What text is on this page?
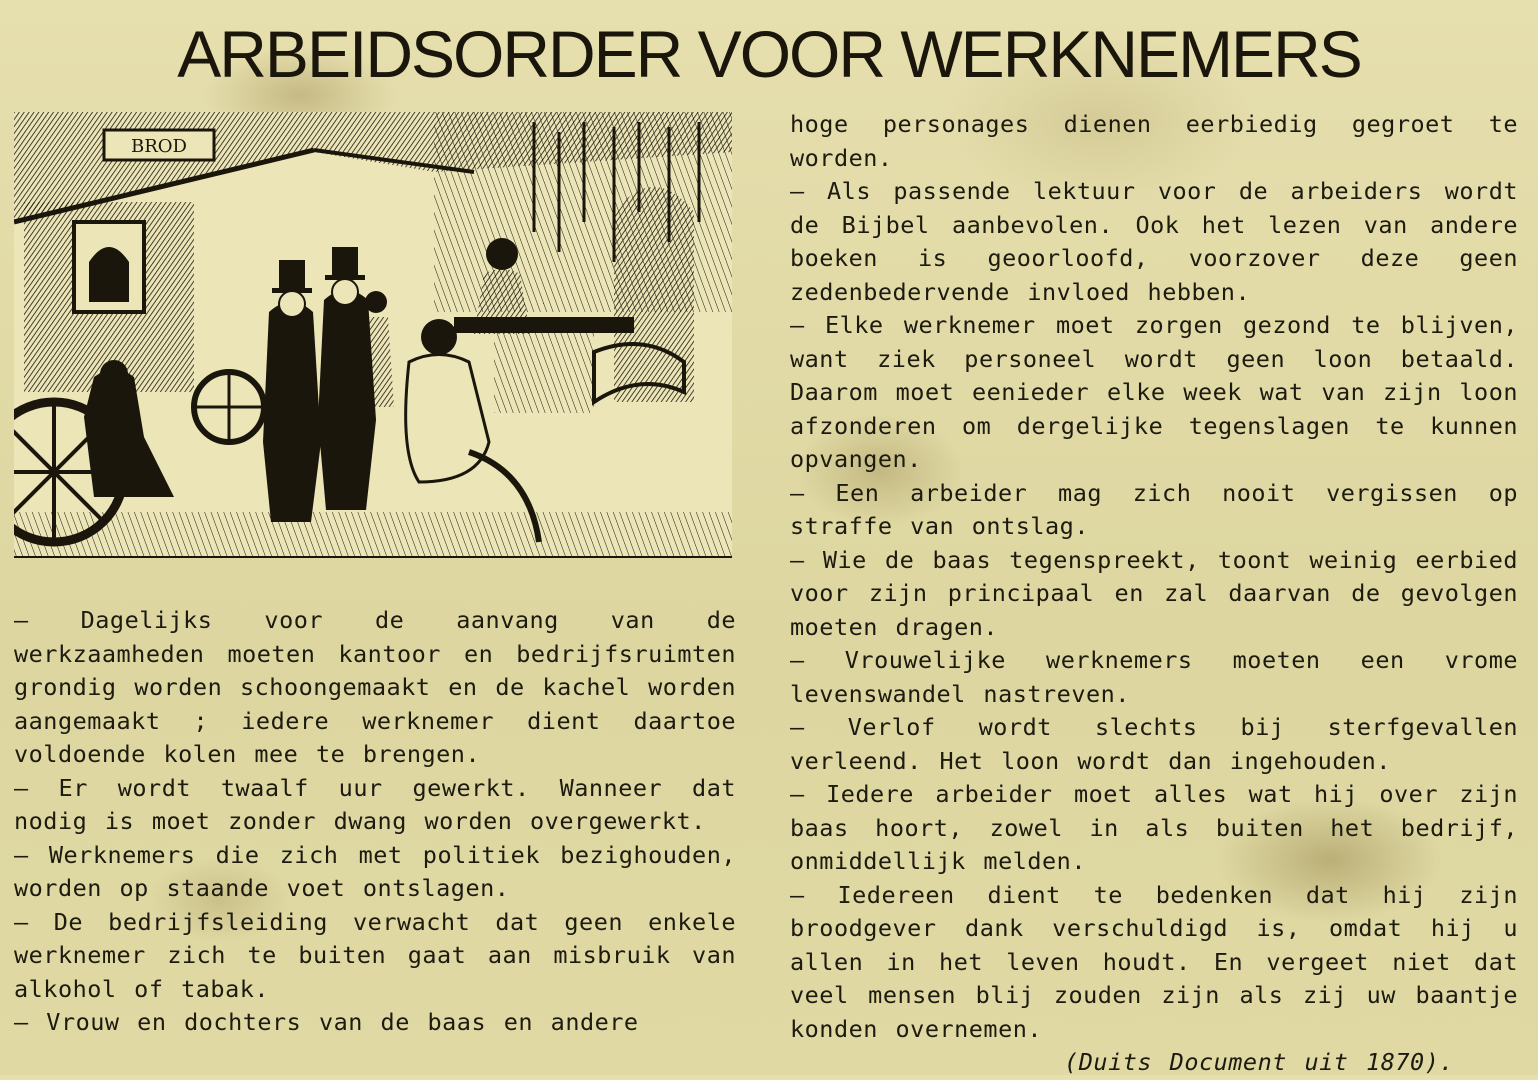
ARBEIDSORDER VOOR WERKNEMERS
BROD

— Dagelijks voor de aanvang van de werkzaamheden moeten kantoor en bedrijfsruimten grondig worden schoongemaakt en de kachel worden aangemaakt ; iedere werknemer dient daartoe voldoende kolen mee te brengen.

— Er wordt twaalf uur gewerkt. Wanneer dat nodig is moet zonder dwang worden overgewerkt.

— Werknemers die zich met politiek bezighouden, worden op staande voet ontslagen.

— De bedrijfsleiding verwacht dat geen enkele werknemer zich te buiten gaat aan misbruik van alkohol of tabak.

— Vrouw en dochters van de baas en andere

hoge personages dienen eerbiedig gegroet te worden.

— Als passende lektuur voor de arbeiders wordt de Bijbel aanbevolen. Ook het lezen van andere boeken is geoorloofd, voorzover deze geen zedenbedervende invloed hebben.

— Elke werknemer moet zorgen gezond te blijven, want ziek personeel wordt geen loon betaald. Daarom moet eenieder elke week wat van zijn loon afzonderen om dergelijke tegenslagen te kunnen opvangen.

— Een arbeider mag zich nooit vergissen op straffe van ontslag.

— Wie de baas tegenspreekt, toont weinig eerbied voor zijn principaal en zal daarvan de gevolgen moeten dragen.

— Vrouwelijke werknemers moeten een vrome levenswandel nastreven.

— Verlof wordt slechts bij sterfgevallen verleend. Het loon wordt dan ingehouden.

— Iedere arbeider moet alles wat hij over zijn baas hoort, zowel in als buiten het bedrijf, onmiddellijk melden.

— Iedereen dient te bedenken dat hij zijn broodgever dank verschuldigd is, omdat hij u allen in het leven houdt. En vergeet niet dat veel mensen blij zouden zijn als zij uw baantje konden overnemen.

(Duits Document uit 1870).
